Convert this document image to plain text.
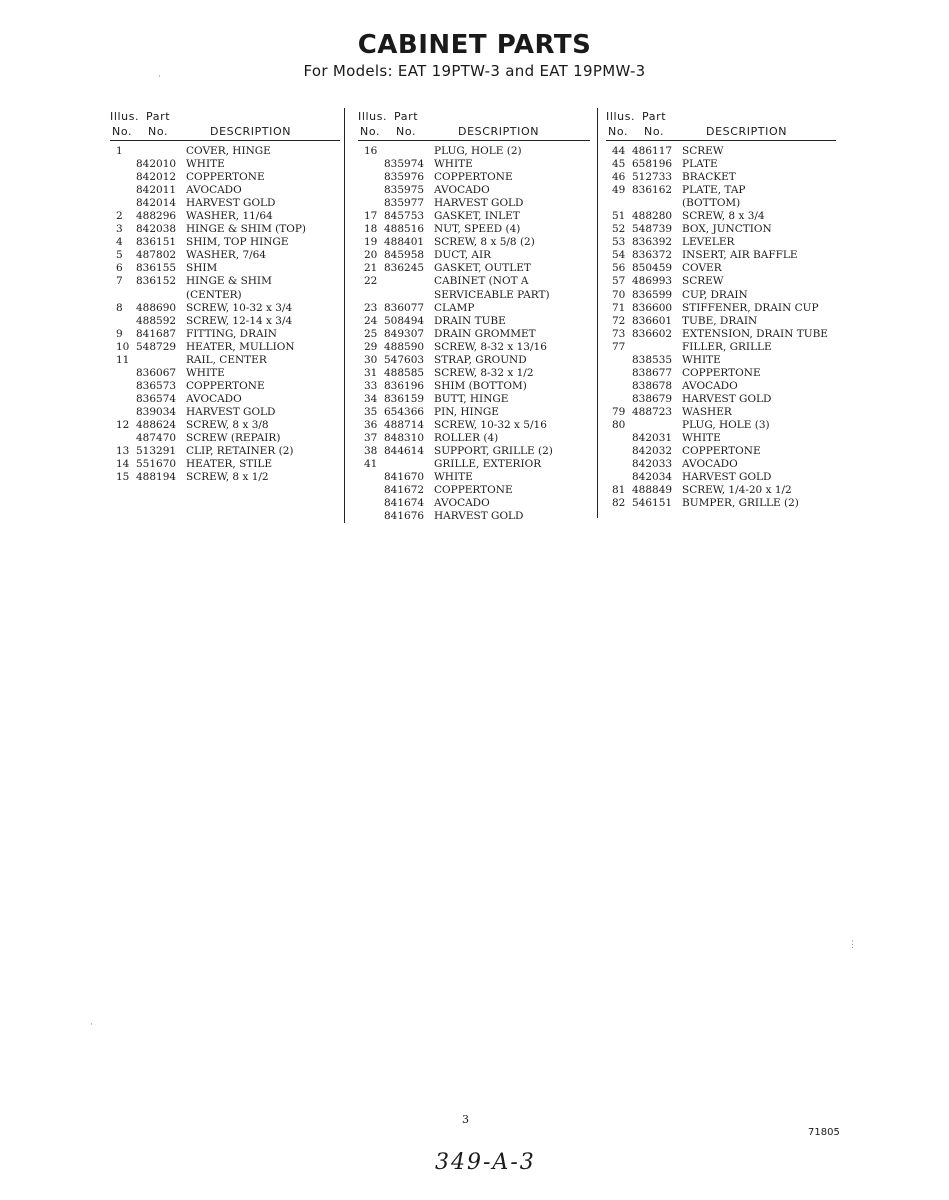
CABINET PARTS
For Models: EAT 19PTW-3 and EAT 19PMW-3
Illus. Part
No. No.	DESCRIPTION
1	COVER, HINGE
842010 WHITE
842012 COPPERTONE
842011 AVOCADO
842014 HARVEST GOLD
2 488296 WASHER, 11/64
3 842038 HINGE & SHIM (TOP)
4 836151 SHIM, TOP HINGE
5 487802 WASHER, 7/64
6 836155 SHIM
7 836152 HINGE & SHIM
(CENTER)
8 488690 SCREW, 10-32 x 3/4
488592 SCREW, 12-14 x 3/4
9 841687 FITTING, DRAIN
10 548729 HEATER, MULLION
11	RAIL, CENTER
836067 WHITE
836573 COPPERTONE
836574 AVOCADO
839034 HARVEST GOLD
12 488624 SCREW, 8 x 3/8
487470 SCREW (REPAIR)
13 513291 CLIP, RETAINER (2)
14 551670 HEATER, STILE
15 488194 SCREW, 8 x 1/2
Illus. Part
No. No.	DESCRIPTION
16	PLUG, HOLE (2)
835974 WHITE
835976 COPPERTONE
835975 AVOCADO
835977 HARVEST GOLD
17 845753 GASKET, INLET
18 488516 NUT, SPEED (4)
19 488401 SCREW, 8 x 5/8 (2)
20 845958 DUCT, AIR
21 836245 GASKET, OUTLET
22	CABINET (NOT A
SERVICEABLE PART)
23 836077 CLAMP
24 508494 DRAIN TUBE
25 849307 DRAIN GROMMET
29 488590 SCREW, 8-32 x 13/16
30 547603 STRAP, GROUND
31 488585 SCREW, 8-32 x 1/2
33 836196 SHIM (BOTTOM)
34 836159 BUTT, HINGE
35 654366 PIN, HINGE
36 488714 SCREW, 10-32 x 5/16
37 848310 ROLLER (4)
38 844614 SUPPORT, GRILLE (2)
41	GRILLE, EXTERIOR
841670 WHITE
841672 COPPERTONE
841674 AVOCADO
841676 HARVEST GOLD
Illus. Part
No. No.	DESCRIPTION
44 486117 SCREW
45 658196 PLATE
46 512733 BRACKET
49 836162 PLATE, TAP
(BOTTOM)
51 488280 SCREW, 8 x 3/4
52 548739 BOX, JUNCTION
53 836392 LEVELER
54 836372 INSERT, AIR BAFFLE
56 850459 COVER
57 486993 SCREW
70 836599 CUP, DRAIN
71 836600 STIFFENER, DRAIN CUP
72 836601 TUBE, DRAIN
73 836602 EXTENSION, DRAIN TUBE
77	FILLER, GRILLE
838535 WHITE
838677 COPPERTONE
838678 AVOCADO
838679 HARVEST GOLD
79 488723 WASHER
80	PLUG, HOLE (3)
842031 WHITE
842032 COPPERTONE
842033 AVOCADO
842034 HARVEST GOLD
81 488849 SCREW, 1/4-20 x 1/2
82 546151 BUMPER, GRILLE (2)
3
71805
349-A-3
·
⋮
·
